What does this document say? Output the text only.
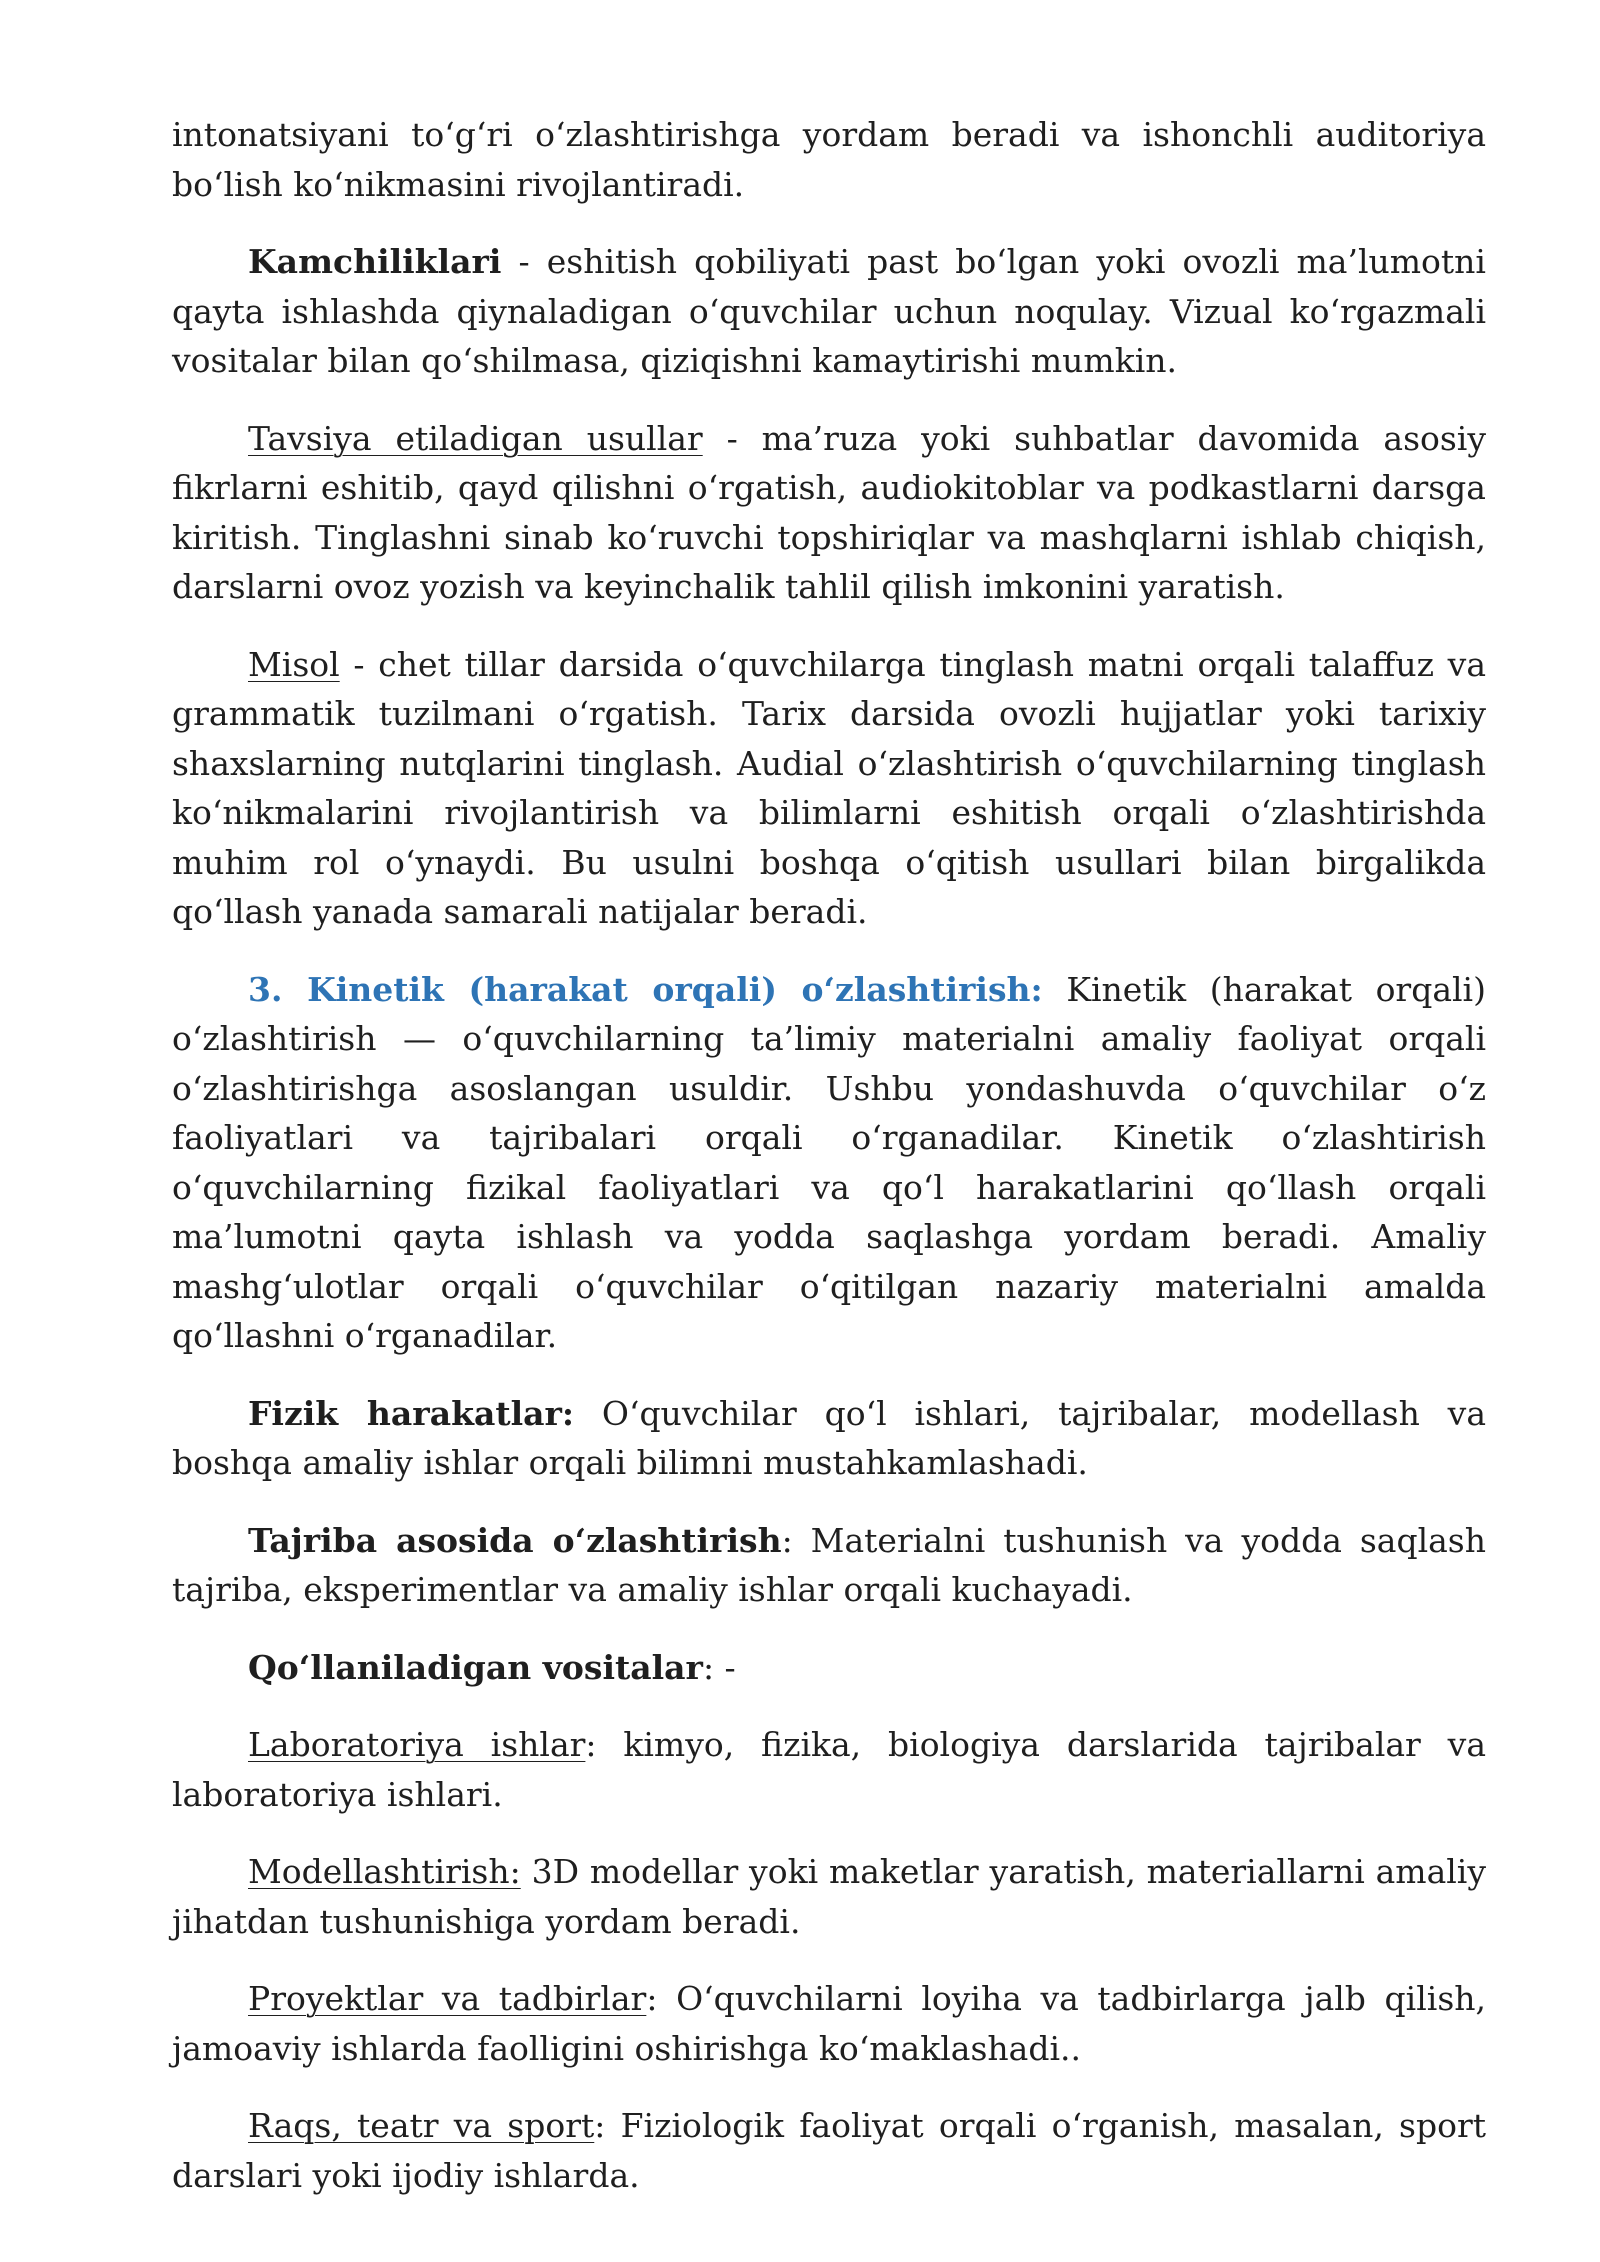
intonatsiyani to‘g‘ri o‘zlashtirishga yordam beradi va ishonchli auditoriya bo‘lish ko‘nikmasini rivojlantiradi.

Kamchiliklari - eshitish qobiliyati past bo‘lgan yoki ovozli ma’lumotni qayta ishlashda qiynaladigan o‘quvchilar uchun noqulay. Vizual ko‘rgazmali vositalar bilan qo‘shilmasa, qiziqishni kamaytirishi mumkin.

Tavsiya etiladigan usullar - ma’ruza yoki suhbatlar davomida asosiy fikrlarni eshitib, qayd qilishni o‘rgatish, audiokitoblar va podkastlarni darsga kiritish. Tinglashni sinab ko‘ruvchi topshiriqlar va mashqlarni ishlab chiqish, darslarni ovoz yozish va keyinchalik tahlil qilish imkonini yaratish.

Misol - chet tillar darsida o‘quvchilarga tinglash matni orqali talaffuz va grammatik tuzilmani o‘rgatish. Tarix darsida ovozli hujjatlar yoki tarixiy shaxslarning nutqlarini tinglash. Audial o‘zlashtirish o‘quvchilarning tinglash ko‘nikmalarini rivojlantirish va bilimlarni eshitish orqali o‘zlashtirishda muhim rol o‘ynaydi. Bu usulni boshqa o‘qitish usullari bilan birgalikda qo‘llash yanada samarali natijalar beradi.

3. Kinetik (harakat orqali) o‘zlashtirish: Kinetik (harakat orqali) o‘zlashtirish — o‘quvchilarning ta’limiy materialni amaliy faoliyat orqali o‘zlashtirishga asoslangan usuldir. Ushbu yondashuvda o‘quvchilar o‘z faoliyatlari va tajribalari orqali o‘rganadilar. Kinetik o‘zlashtirish o‘quvchilarning fizikal faoliyatlari va qo‘l harakatlarini qo‘llash orqali ma’lumotni qayta ishlash va yodda saqlashga yordam beradi. Amaliy mashg‘ulotlar orqali o‘quvchilar o‘qitilgan nazariy materialni amalda qo‘llashni o‘rganadilar.

Fizik harakatlar: O‘quvchilar qo‘l ishlari, tajribalar, modellash va boshqa amaliy ishlar orqali bilimni mustahkamlashadi.

Tajriba asosida o‘zlashtirish: Materialni tushunish va yodda saqlash tajriba, eksperimentlar va amaliy ishlar orqali kuchayadi.

Qo‘llaniladigan vositalar: -

Laboratoriya ishlar: kimyo, fizika, biologiya darslarida tajribalar va laboratoriya ishlari.

Modellashtirish: 3D modellar yoki maketlar yaratish, materiallarni amaliy jihatdan tushunishiga yordam beradi.

Proyektlar va tadbirlar: O‘quvchilarni loyiha va tadbirlarga jalb qilish, jamoaviy ishlarda faolligini oshirishga ko‘maklashadi..

Raqs, teatr va sport: Fiziologik faoliyat orqali o‘rganish, masalan, sport darslari yoki ijodiy ishlarda.
